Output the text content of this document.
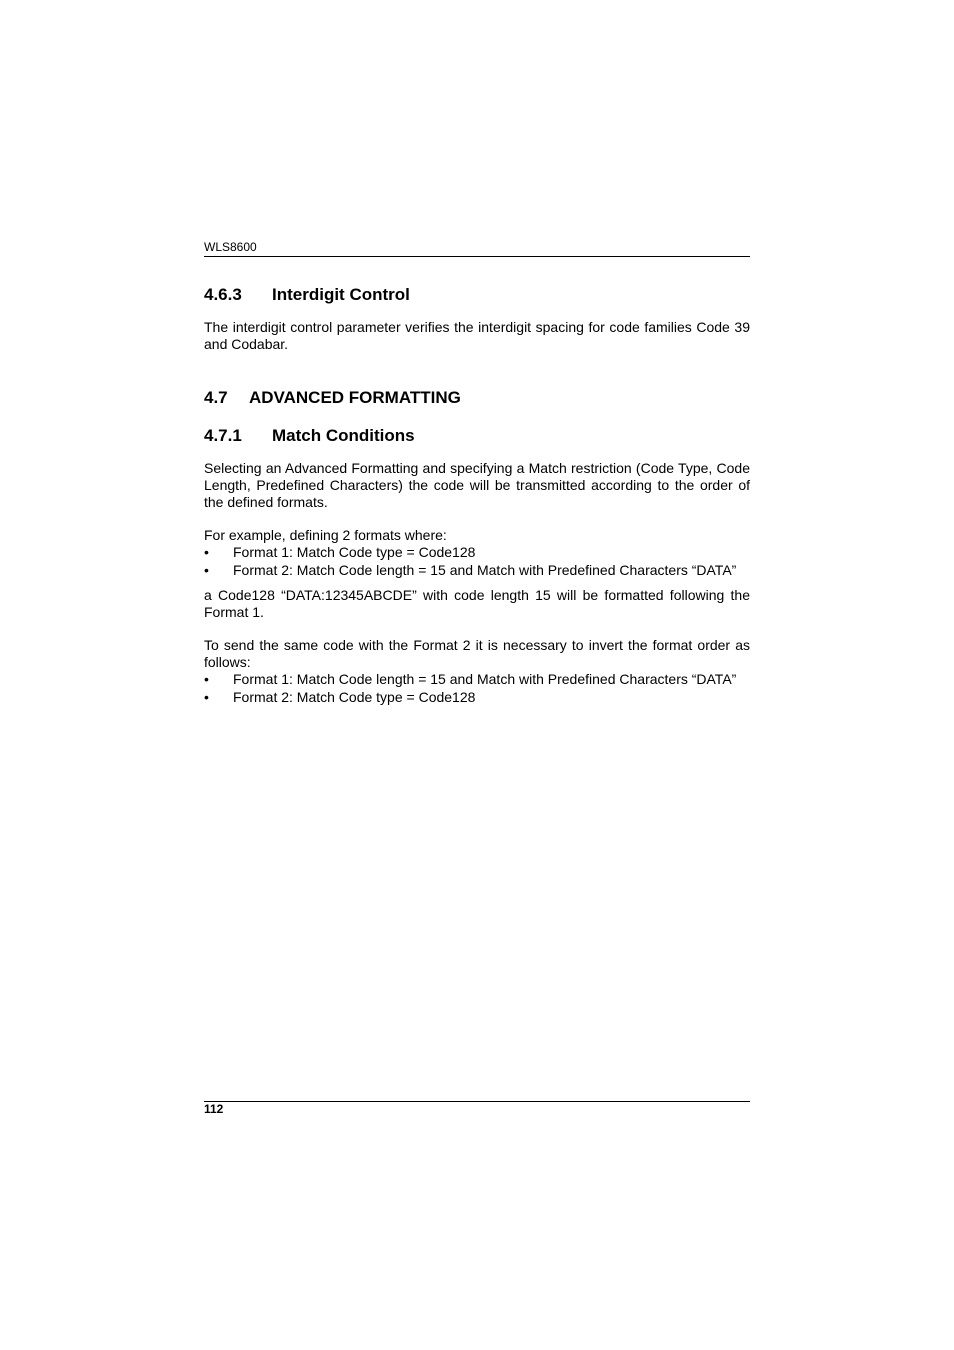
WLS8600
4.6.3	Interdigit Control

The interdigit control parameter verifies the interdigit spacing for code families Code 39 and Codabar.

4.7	ADVANCED FORMATTING
4.7.1	Match Conditions

Selecting an Advanced Formatting and specifying a Match restriction (Code Type, Code Length, Predefined Characters) the code will be transmitted according to the order of the defined formats.

For example, defining 2 formats where:

•	Format 1: Match Code type = Code128
•	Format 2: Match Code length = 15 and Match with Predefined Characters “DATA”

a Code128 “DATA:12345ABCDE” with code length 15 will be formatted following the Format 1.

To send the same code with the Format 2 it is necessary to invert the format order as follows:

•	Format 1: Match Code length = 15 and Match with Predefined Characters “DATA”
•	Format 2: Match Code type = Code128
112
